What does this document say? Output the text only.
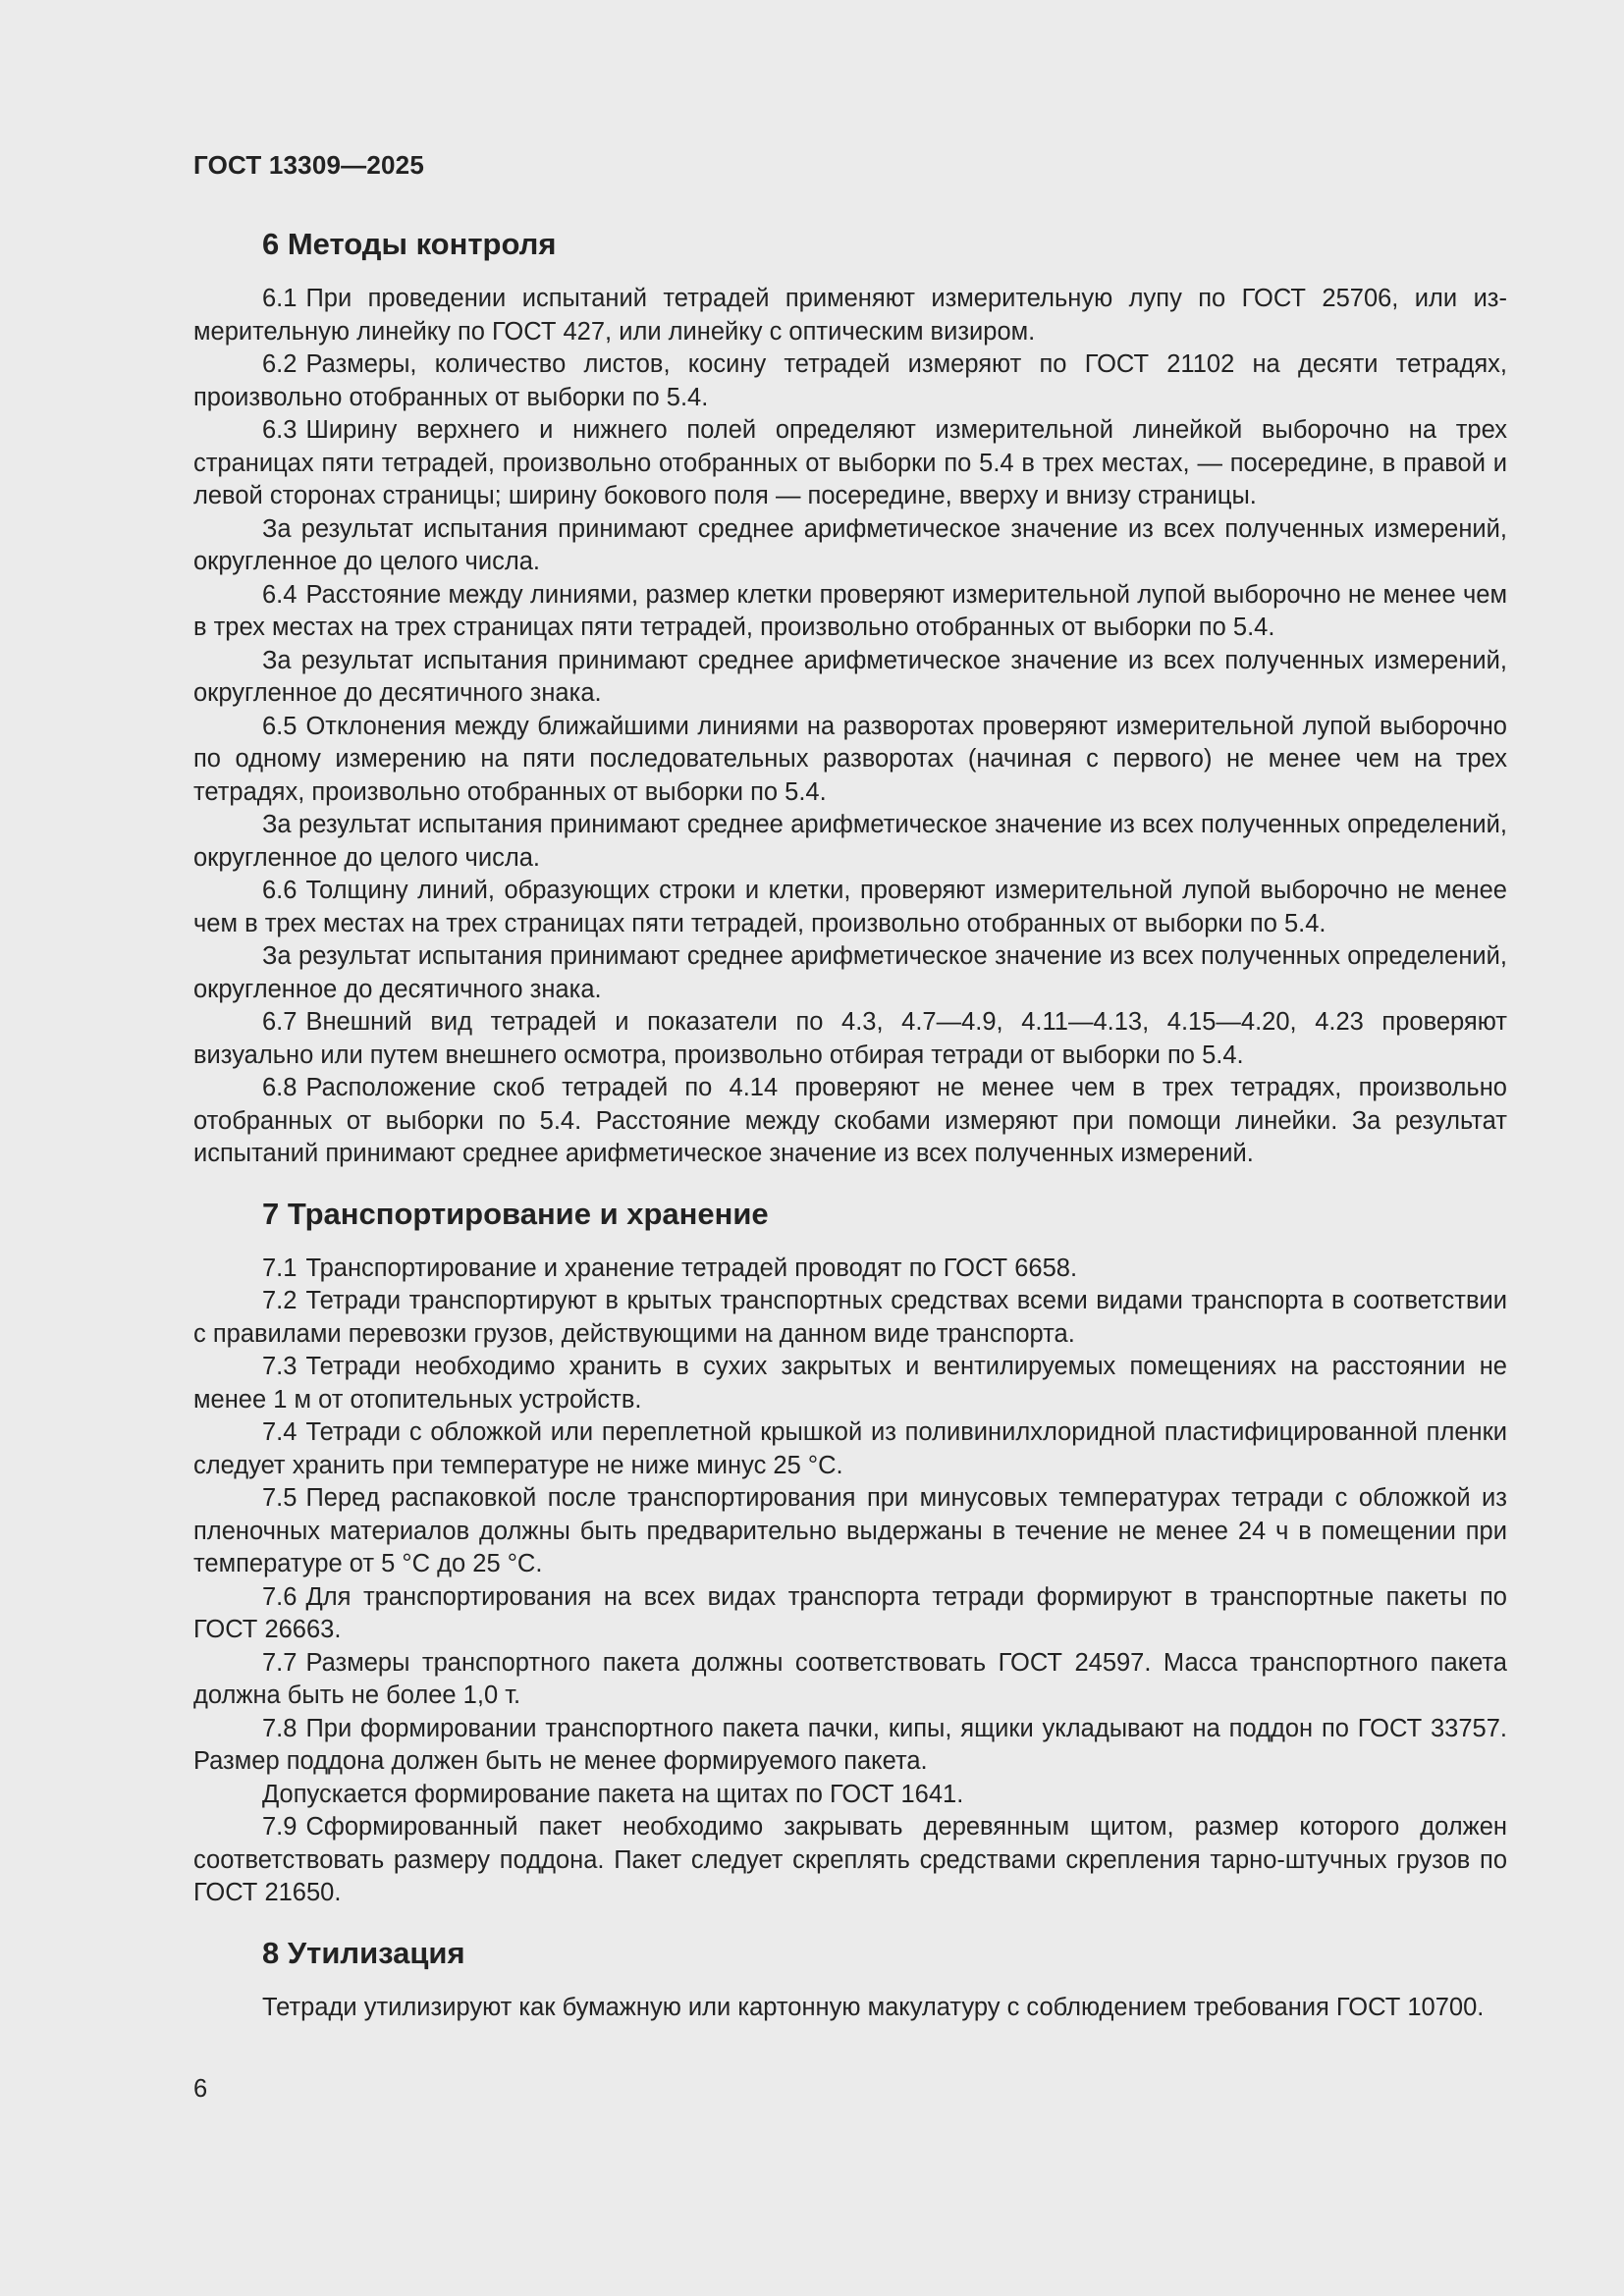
ГОСТ 13309—2025
6 Методы контроля

6.1 При проведении испытаний тетрадей применяют измерительную лупу по ГОСТ 25706, или измерительную линейку по ГОСТ 427, или линейку с оптическим визиром.

6.2 Размеры, количество листов, косину тетрадей измеряют по ГОСТ 21102 на десяти тетрадях, произвольно отобранных от выборки по 5.4.

6.3 Ширину верхнего и нижнего полей определяют измерительной линейкой выборочно на трех страницах пяти тетрадей, произвольно отобранных от выборки по 5.4 в трех местах, — посередине, в правой и левой сторонах страницы; ширину бокового поля — посередине, вверху и внизу страницы.

За результат испытания принимают среднее арифметическое значение из всех полученных измерений, округленное до целого числа.

6.4 Расстояние между линиями, размер клетки проверяют измерительной лупой выборочно не менее чем в трех местах на трех страницах пяти тетрадей, произвольно отобранных от выборки по 5.4.

За результат испытания принимают среднее арифметическое значение из всех полученных измерений, округленное до десятичного знака.

6.5 Отклонения между ближайшими линиями на разворотах проверяют измерительной лупой выборочно по одному измерению на пяти последовательных разворотах (начиная с первого) не менее чем на трех тетрадях, произвольно отобранных от выборки по 5.4.

За результат испытания принимают среднее арифметическое значение из всех полученных определений, округленное до целого числа.

6.6 Толщину линий, образующих строки и клетки, проверяют измерительной лупой выборочно не менее чем в трех местах на трех страницах пяти тетрадей, произвольно отобранных от выборки по 5.4.

За результат испытания принимают среднее арифметическое значение из всех полученных определений, округленное до десятичного знака.

6.7 Внешний вид тетрадей и показатели по 4.3, 4.7—4.9, 4.11—4.13, 4.15—4.20, 4.23 проверяют визуально или путем внешнего осмотра, произвольно отбирая тетради от выборки по 5.4.

6.8 Расположение скоб тетрадей по 4.14 проверяют не менее чем в трех тетрадях, произвольно отобранных от выборки по 5.4. Расстояние между скобами измеряют при помощи линейки. За результат испытаний принимают среднее арифметическое значение из всех полученных измерений.

7 Транспортирование и хранение

7.1 Транспортирование и хранение тетрадей проводят по ГОСТ 6658.

7.2 Тетради транспортируют в крытых транспортных средствах всеми видами транспорта в соответствии с правилами перевозки грузов, действующими на данном виде транспорта.

7.3 Тетради необходимо хранить в сухих закрытых и вентилируемых помещениях на расстоянии не менее 1 м от отопительных устройств.

7.4 Тетради с обложкой или переплетной крышкой из поливинилхлоридной пластифицированной пленки следует хранить при температуре не ниже минус 25 °С.

7.5 Перед распаковкой после транспортирования при минусовых температурах тетради с обложкой из пленочных материалов должны быть предварительно выдержаны в течение не менее 24 ч в помещении при температуре от 5 °С до 25 °С.

7.6 Для транспортирования на всех видах транспорта тетради формируют в транспортные пакеты по ГОСТ 26663.

7.7 Размеры транспортного пакета должны соответствовать ГОСТ 24597. Масса транспортного пакета должна быть не более 1,0 т.

7.8 При формировании транспортного пакета пачки, кипы, ящики укладывают на поддон по ГОСТ 33757. Размер поддона должен быть не менее формируемого пакета.

Допускается формирование пакета на щитах по ГОСТ 1641.

7.9 Сформированный пакет необходимо закрывать деревянным щитом, размер которого должен соответствовать размеру поддона. Пакет следует скреплять средствами скрепления тарно-штучных грузов по ГОСТ 21650.

8 Утилизация

Тетради утилизируют как бумажную или картонную макулатуру с соблюдением требования ГОСТ 10700.

6
